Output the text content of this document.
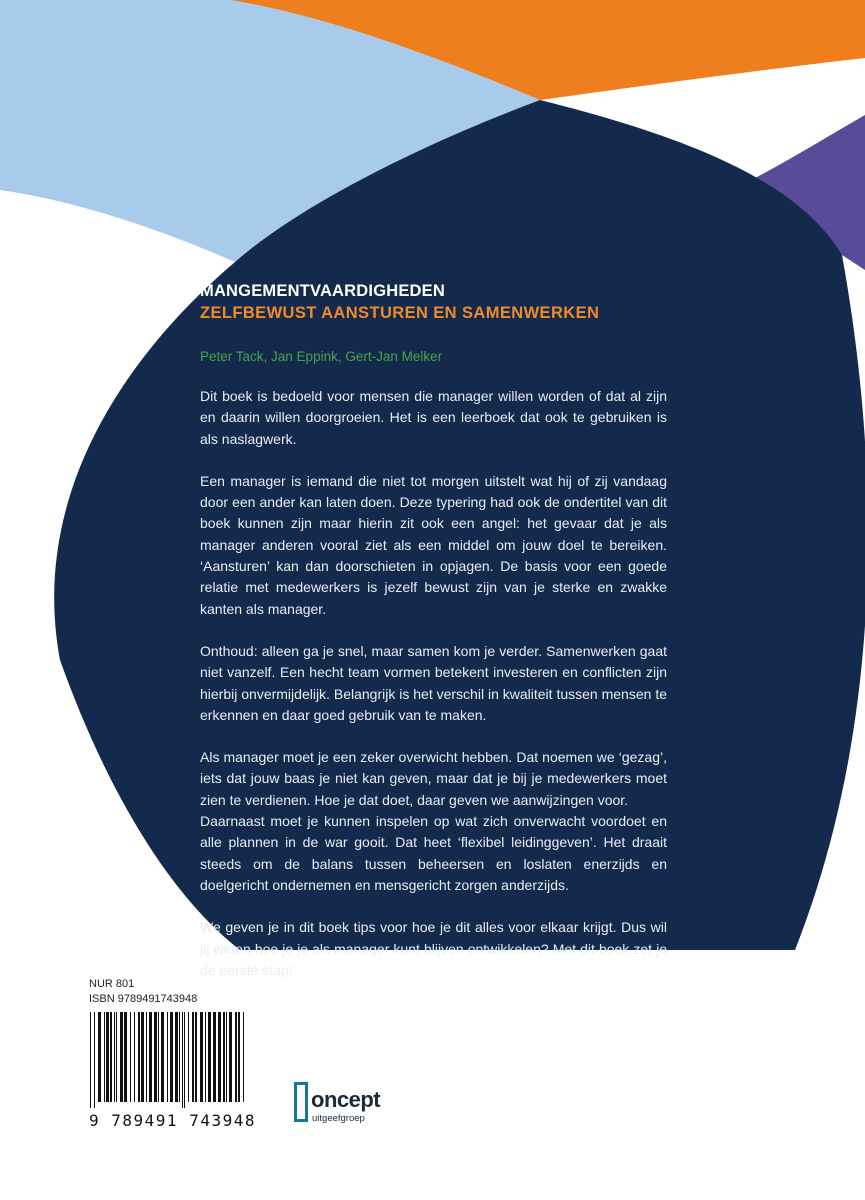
MANGEMENTVAARDIGHEDEN
ZELFBEWUST AANSTUREN EN SAMENWERKEN
Peter Tack, Jan Eppink, Gert-Jan Melker

Dit boek is bedoeld voor mensen die manager willen worden of dat al zijn en daarin willen doorgroeien. Het is een leerboek dat ook te gebruiken is als naslagwerk.

Een manager is iemand die niet tot morgen uitstelt wat hij of zij vandaag door een ander kan laten doen. Deze typering had ook de ondertitel van dit boek kunnen zijn maar hierin zit ook een angel: het gevaar dat je als manager anderen vooral ziet als een middel om jouw doel te bereiken. ‘Aansturen’ kan dan doorschieten in opjagen. De basis voor een goede relatie met medewerkers is jezelf bewust zijn van je sterke en zwakke kanten als manager.

Onthoud: alleen ga je snel, maar samen kom je verder. Samenwerken gaat niet vanzelf. Een hecht team vormen betekent investeren en conflicten zijn hierbij onvermijdelijk. Belangrijk is het verschil in kwaliteit tussen mensen te erkennen en daar goed gebruik van te maken.

Als manager moet je een zeker overwicht hebben. Dat noemen we ‘gezag’, iets dat jouw baas je niet kan geven, maar dat je bij je medewerkers moet zien te verdienen. Hoe je dat doet, daar geven we aanwijzingen voor.

Daarnaast moet je kunnen inspelen op wat zich onverwacht voordoet en alle plannen in de war gooit. Dat heet ‘flexibel leidinggeven’. Het draait steeds om de balans tussen beheersen en loslaten enerzijds en doelgericht ondernemen en mensgericht zorgen anderzijds.

We geven je in dit boek tips voor hoe je dit alles voor elkaar krijgt. Dus wil jij weten hoe je je als manager kunt blijven ontwikkelen? Met dit boek zet je de eerste stap!

NUR 801
ISBN 9789491743948
9 789491 743948
oncept
uitgeefgroep
